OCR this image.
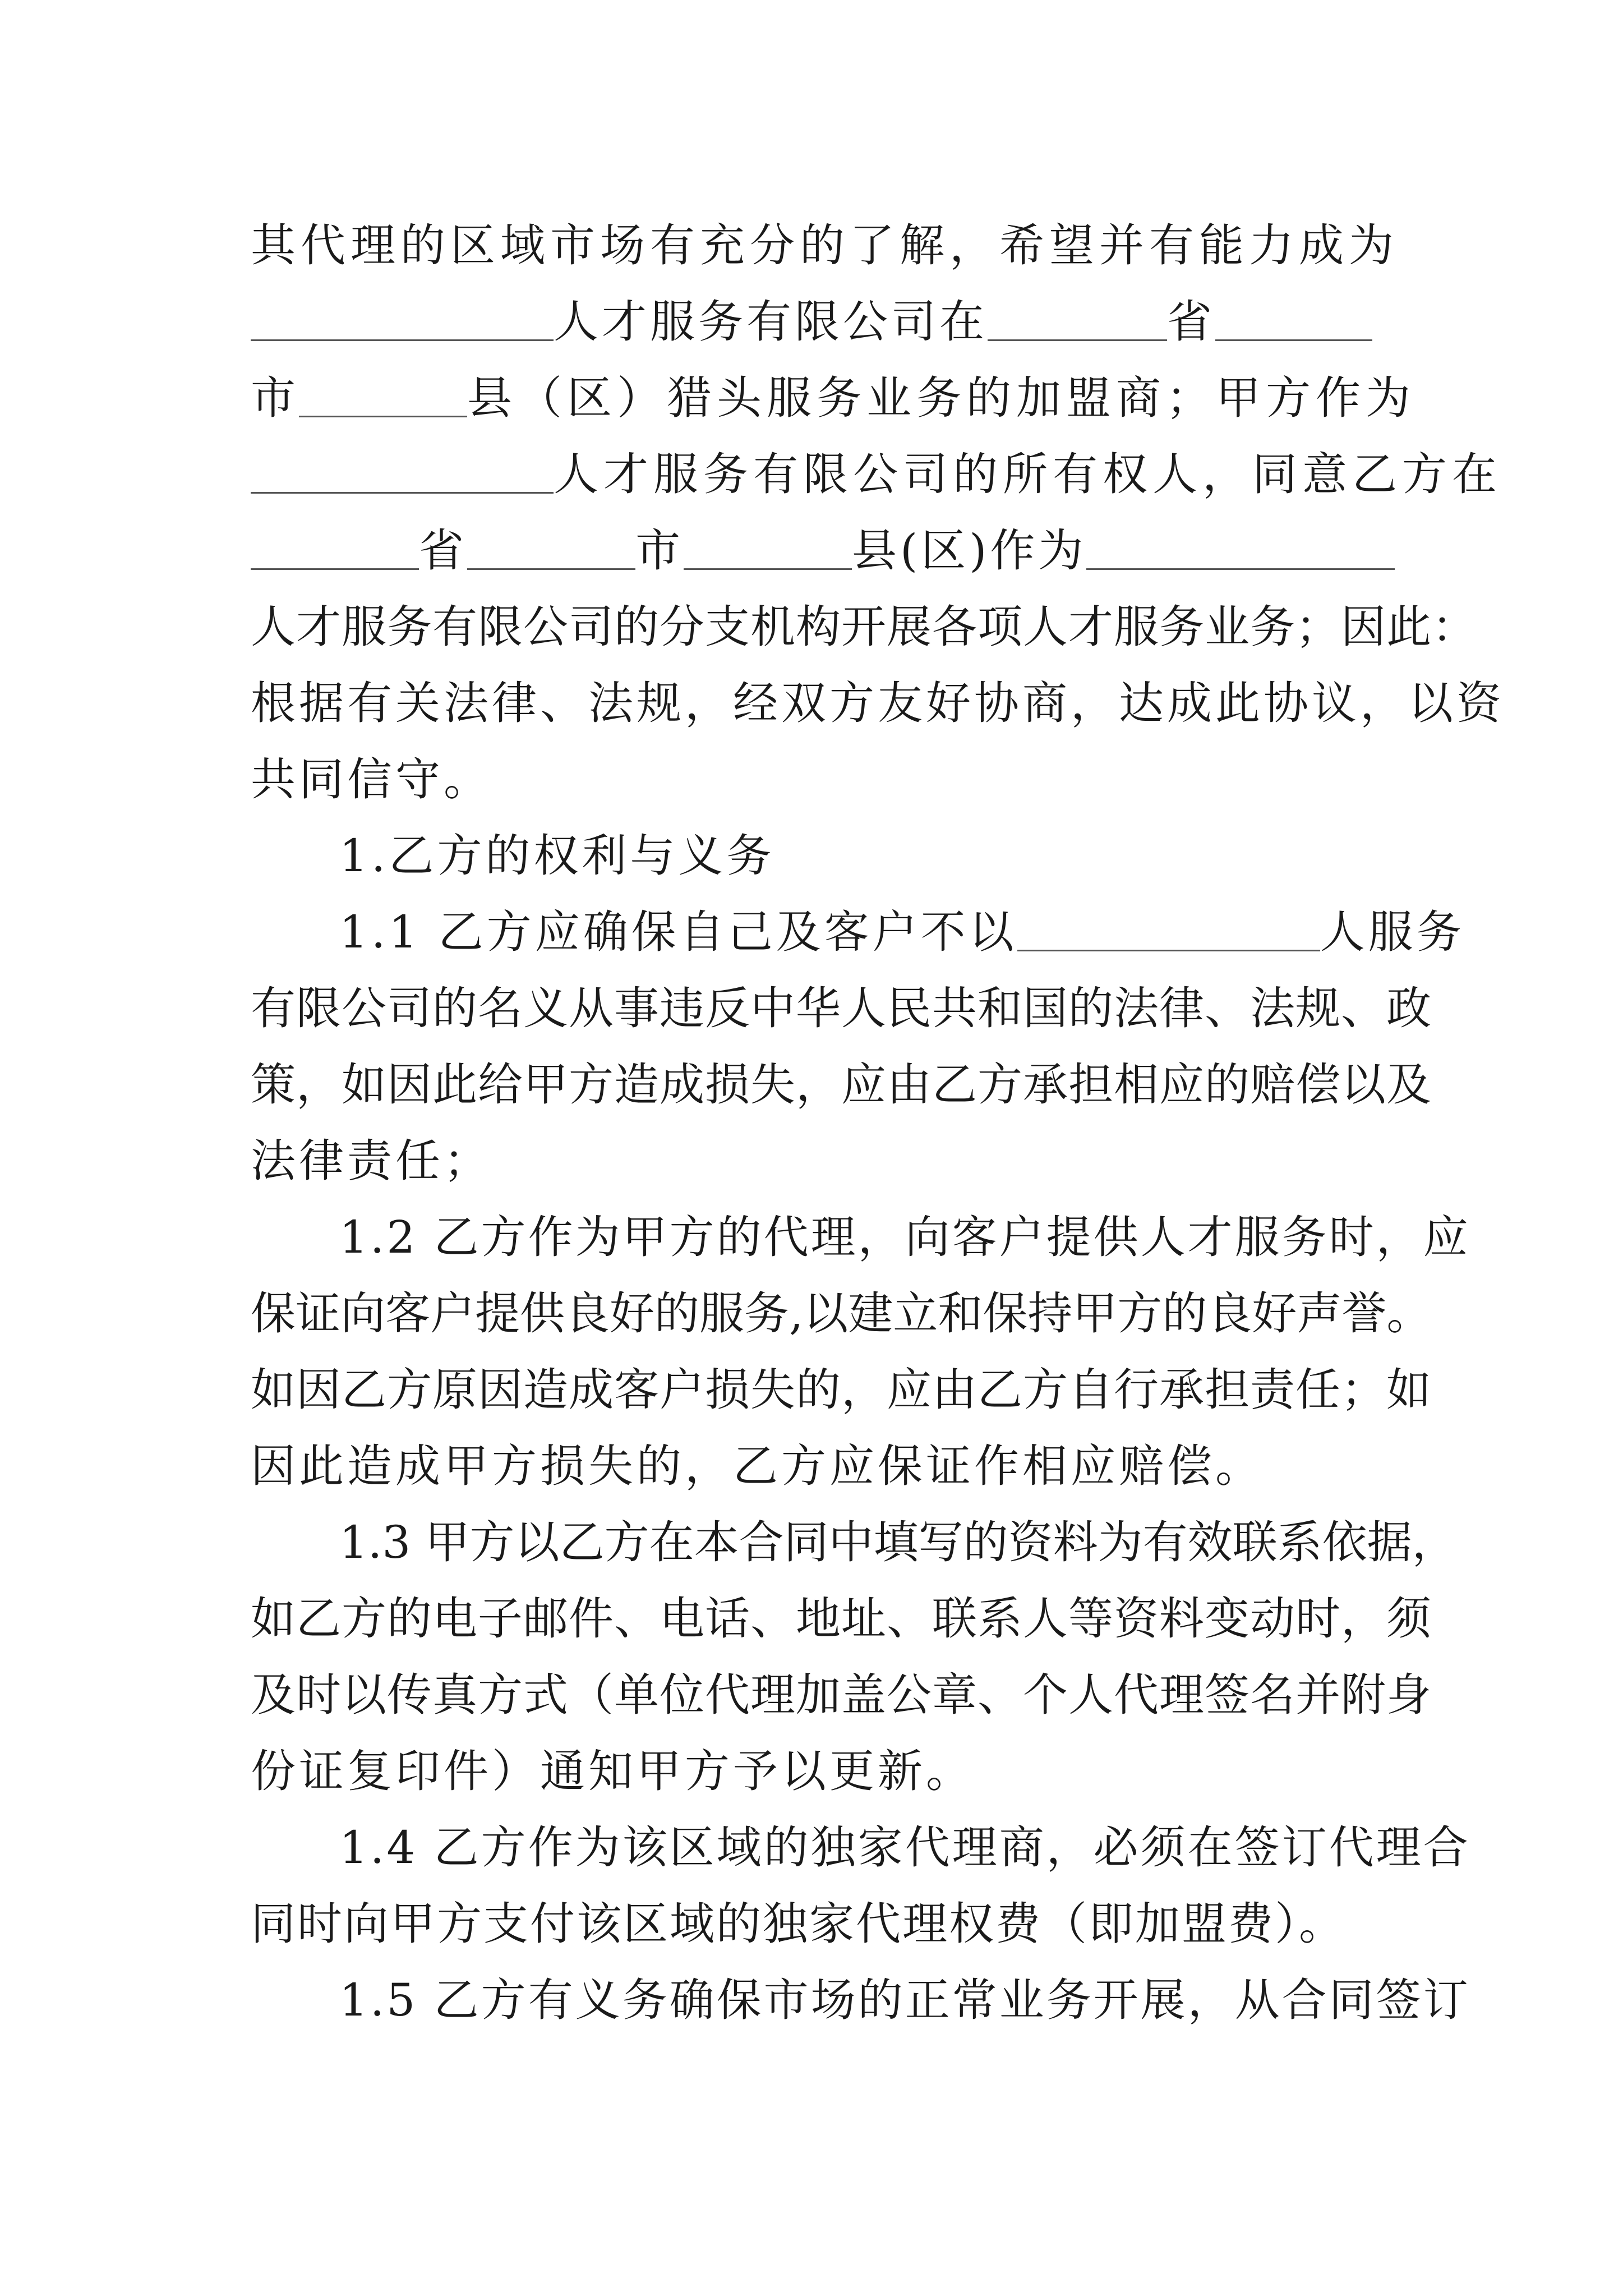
其代理的区域市场有充分的了解，希望并有能力成为
人才服务有限公司在	省
市	县（区）猎头服务业务的加盟商；甲方作为
人才服务有限公司的所有权人，同意乙方在
省	市	县(区)作为
人才服务有限公司的分支机构开展各项人才服务业务；因此：
根据有关法律、法规，经双方友好协商，达成此协议，以资
共同信守。
1.乙方的权利与义务
1.1 乙方应确保自己及客户不以	人服务
有限公司的名义从事违反中华人民共和国的法律、法规、政
策，如因此给甲方造成损失，应由乙方承担相应的赔偿以及
法律责任；
1.2 乙方作为甲方的代理，向客户提供人才服务时，应
保证向客户提供良好的服务,以建立和保持甲方的良好声誉。
如因乙方原因造成客户损失的，应由乙方自行承担责任；如
因此造成甲方损失的，乙方应保证作相应赔偿。
1.3 甲方以乙方在本合同中填写的资料为有效联系依据，
如乙方的电子邮件、电话、地址、联系人等资料变动时，须
及时以传真方式（单位代理加盖公章、个人代理签名并附身
份证复印件）通知甲方予以更新。
1.4 乙方作为该区域的独家代理商，必须在签订代理合
同时向甲方支付该区域的独家代理权费（即加盟费）。
1.5 乙方有义务确保市场的正常业务开展，从合同签订
